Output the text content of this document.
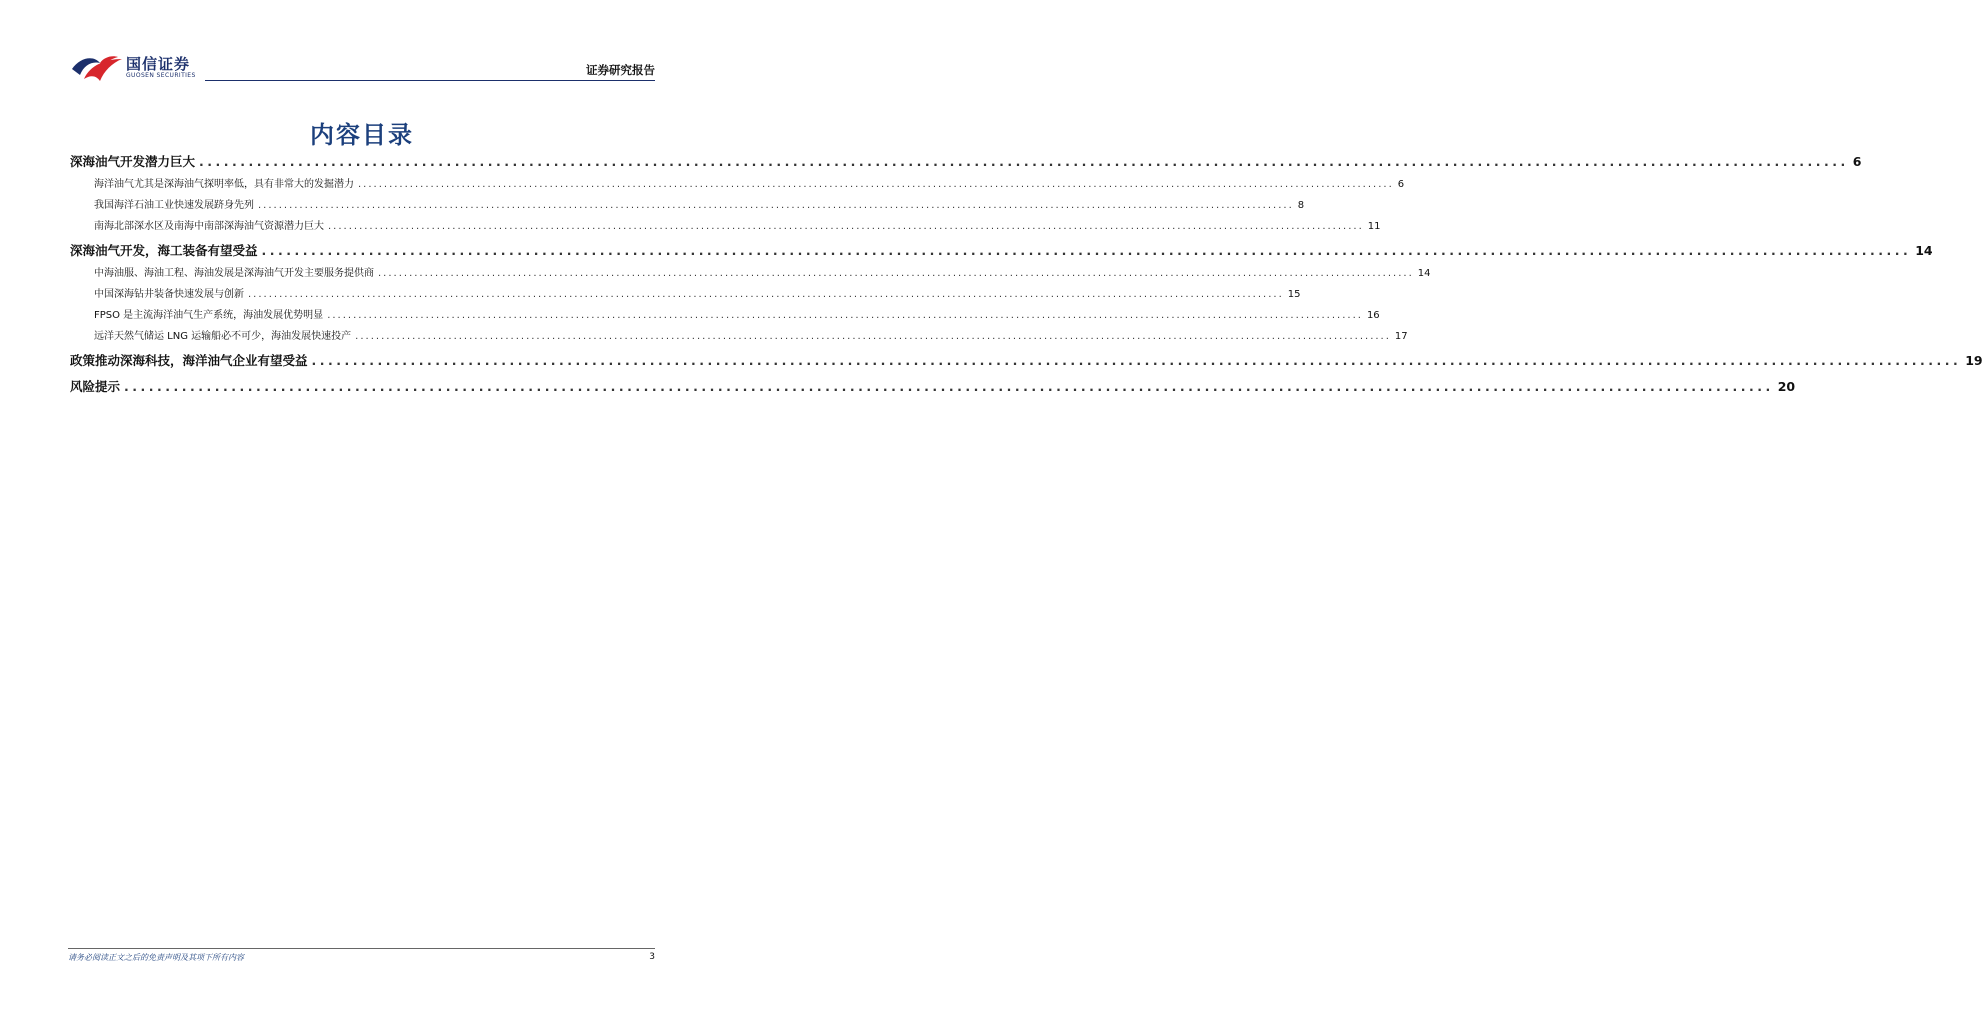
国信证券
GUOSEN SECURITIES	证券研究报告
内容目录
深海油气开发潜力巨大 ........................................................................................................................................................................................................ 6
海洋油气尤其是深海油气探明率低，具有非常大的发掘潜力 ........................................................................................................................................................................................................ 6
我国海洋石油工业快速发展跻身先列 ........................................................................................................................................................................................................ 8
南海北部深水区及南海中南部深海油气资源潜力巨大 ........................................................................................................................................................................................................ 11
深海油气开发，海工装备有望受益 ........................................................................................................................................................................................................ 14
中海油服、海油工程、海油发展是深海油气开发主要服务提供商 ........................................................................................................................................................................................................ 14
中国深海钻井装备快速发展与创新 ........................................................................................................................................................................................................ 15
FPSO 是主流海洋油气生产系统，海油发展优势明显 ........................................................................................................................................................................................................ 16
远洋天然气储运 LNG 运输船必不可少，海油发展快速投产 ........................................................................................................................................................................................................ 17
政策推动深海科技，海洋油气企业有望受益 ........................................................................................................................................................................................................ 19
风险提示 ........................................................................................................................................................................................................ 20
请务必阅读正文之后的免责声明及其项下所有内容	3
